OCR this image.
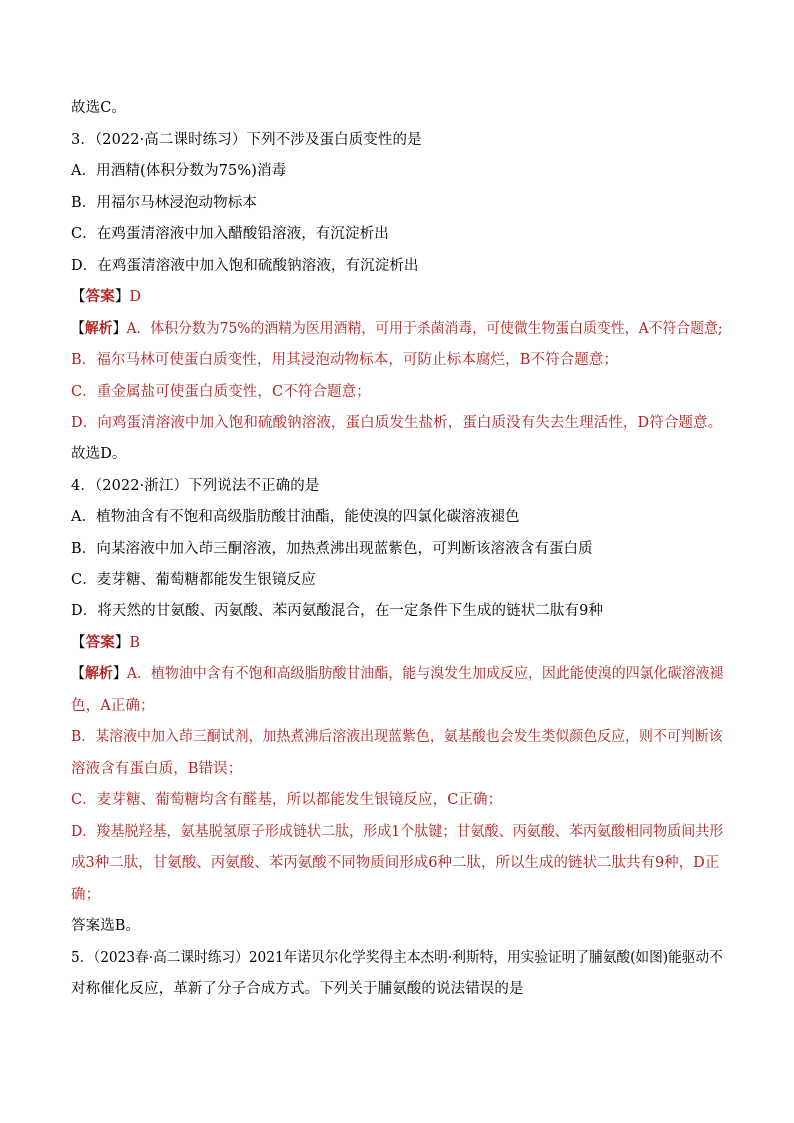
故选C。
3．（2022·高二课时练习）下列不涉及蛋白质变性的是
A．用酒精(体积分数为75%)消毒
B．用福尔马林浸泡动物标本
C．在鸡蛋清溶液中加入醋酸铅溶液，有沉淀析出
D．在鸡蛋清溶液中加入饱和硫酸钠溶液，有沉淀析出
【答案】D
【解析】A．体积分数为75%的酒精为医用酒精，可用于杀菌消毒，可使微生物蛋白质变性，A不符合题意;
B．福尔马林可使蛋白质变性，用其浸泡动物标本，可防止标本腐烂，B不符合题意；
C．重金属盐可使蛋白质变性，C不符合题意；
D．向鸡蛋清溶液中加入饱和硫酸钠溶液，蛋白质发生盐析，蛋白质没有失去生理活性，D符合题意。
故选D。
4．（2022·浙江）下列说法不正确的是
A．植物油含有不饱和高级脂肪酸甘油酯，能使溴的四氯化碳溶液褪色
B．向某溶液中加入茚三酮溶液，加热煮沸出现蓝紫色，可判断该溶液含有蛋白质
C．麦芽糖、葡萄糖都能发生银镜反应
D．将天然的甘氨酸、丙氨酸、苯丙氨酸混合，在一定条件下生成的链状二肽有9种
【答案】B
【解析】A．植物油中含有不饱和高级脂肪酸甘油酯，能与溴发生加成反应，因此能使溴的四氯化碳溶液褪
色，A正确；
B．某溶液中加入茚三酮试剂，加热煮沸后溶液出现蓝紫色，氨基酸也会发生类似颜色反应，则不可判断该
溶液含有蛋白质，B错误；
C．麦芽糖、葡萄糖均含有醛基，所以都能发生银镜反应，C正确；
D．羧基脱羟基，氨基脱氢原子形成链状二肽，形成1个肽键；甘氨酸、丙氨酸、苯丙氨酸相同物质间共形
成3种二肽，甘氨酸、丙氨酸、苯丙氨酸不同物质间形成6种二肽，所以生成的链状二肽共有9种，D正
确；
答案选B。
5．（2023春·高二课时练习）2021年诺贝尔化学奖得主本杰明·利斯特，用实验证明了脯氨酸(如图)能驱动不
对称催化反应，革新了分子合成方式。下列关于脯氨酸的说法错误的是
